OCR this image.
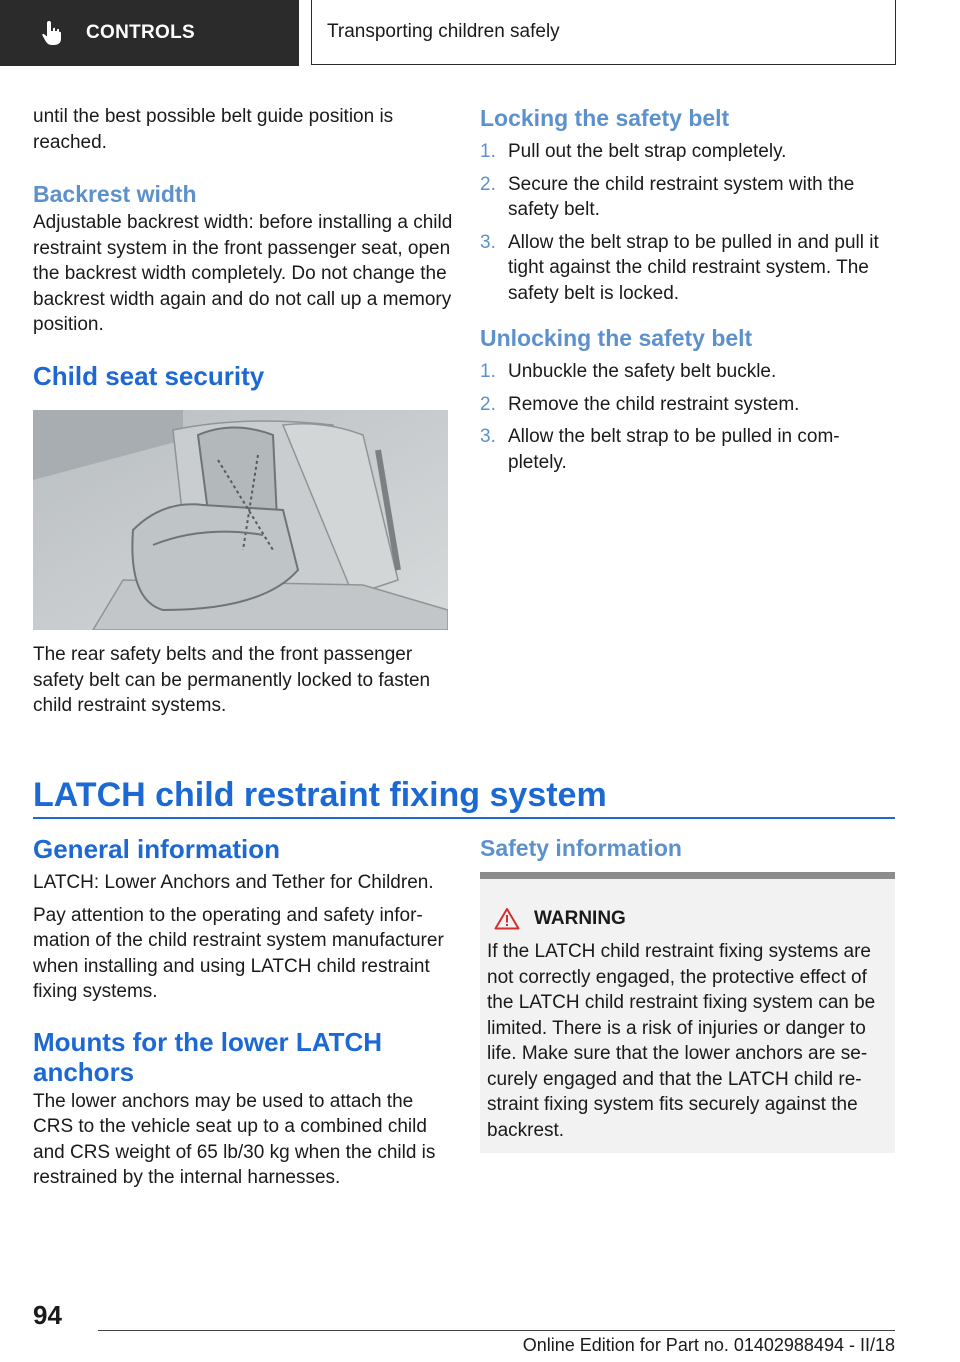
CONTROLS	Transporting children safely

until the best possible belt guide position is reached.

Backrest width

Adjustable backrest width: before installing a child restraint system in the front passenger seat, open the backrest width completely. Do not change the backrest width again and do not call up a memory position.

Child seat security

The rear safety belts and the front passenger safety belt can be permanently locked to fasten child restraint systems.

Locking the safety belt
1. Pull out the belt strap completely.
2. Secure the child restraint system with the safety belt.
3. Allow the belt strap to be pulled in and pull it tight against the child restraint system. The safety belt is locked.
Unlocking the safety belt
1. Unbuckle the safety belt buckle.
2. Remove the child restraint system.
3. Allow the belt strap to be pulled in com- pletely.
LATCH child restraint fixing system
General information

LATCH: Lower Anchors and Tether for Children.

Pay attention to the operating and safety infor- mation of the child restraint system manufacturer when installing and using LATCH child restraint fixing systems.

Mounts for the lower LATCH anchors

The lower anchors may be used to attach the CRS to the vehicle seat up to a combined child and CRS weight of 65 lb/30 kg when the child is restrained by the internal harnesses.

Safety information
WARNING

If the LATCH child restraint fixing systems are not correctly engaged, the protective effect of the LATCH child restraint fixing system can be limited. There is a risk of injuries or danger to life. Make sure that the lower anchors are se- curely engaged and that the LATCH child re- straint fixing system fits securely against the backrest.

94
Online Edition for Part no. 01402988494 - II/18
